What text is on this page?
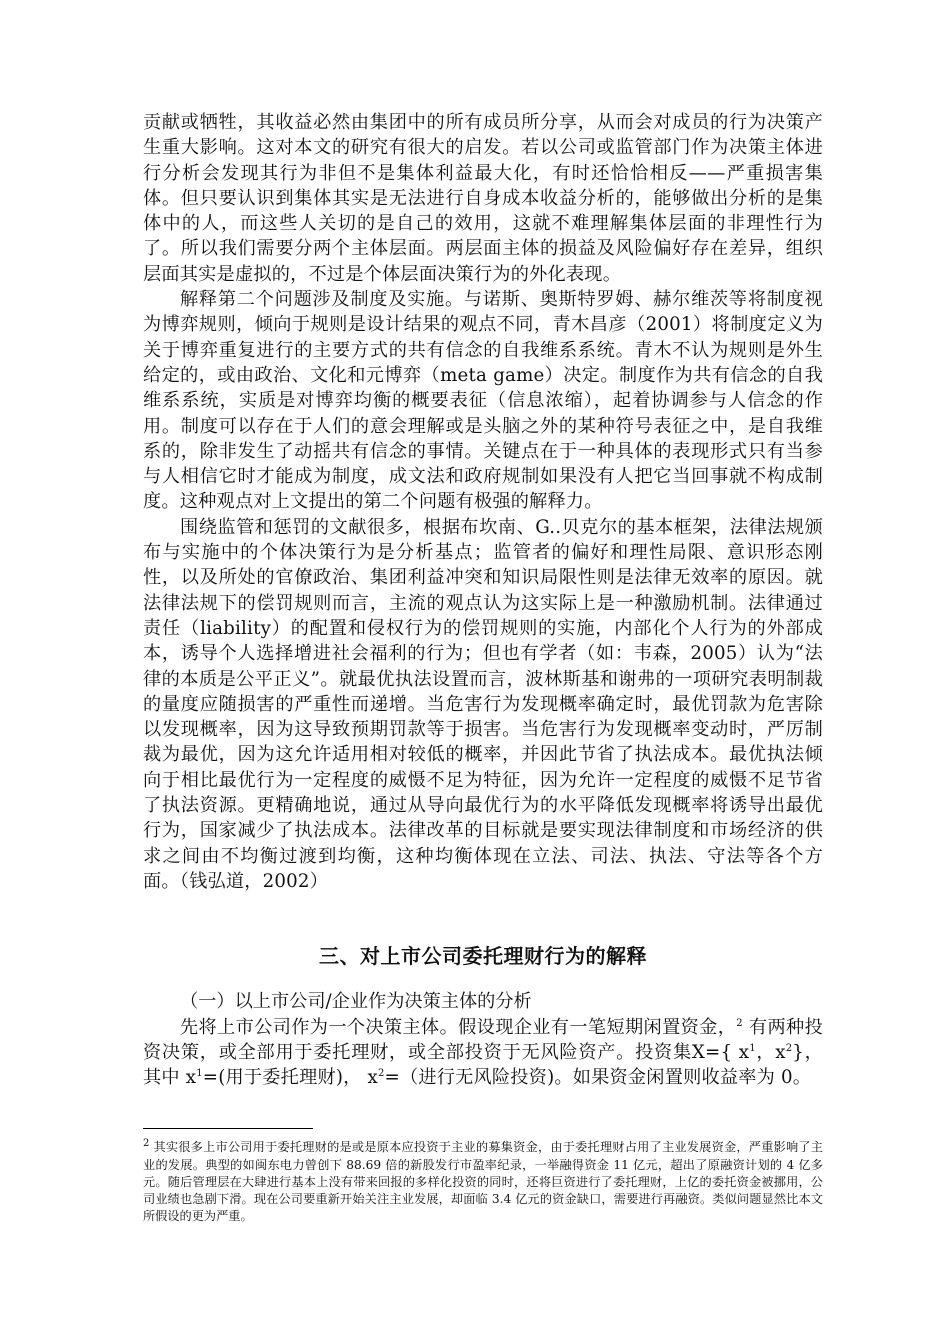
贡献或牺牲，其收益必然由集团中的所有成员所分享，从而会对成员的行为决策产生重大影响。这对本文的研究有很大的启发。若以公司或监管部门作为决策主体进行分析会发现其行为非但不是集体利益最大化，有时还恰恰相反——严重损害集体。但只要认识到集体其实是无法进行自身成本收益分析的，能够做出分析的是集体中的人，而这些人关切的是自己的效用，这就不难理解集体层面的非理性行为了。所以我们需要分两个主体层面。两层面主体的损益及风险偏好存在差异，组织层面其实是虚拟的，不过是个体层面决策行为的外化表现。

解释第二个问题涉及制度及实施。与诺斯、奥斯特罗姆、赫尔维茨等将制度视为博弈规则，倾向于规则是设计结果的观点不同，青木昌彦（2001）将制度定义为关于博弈重复进行的主要方式的共有信念的自我维系系统。青木不认为规则是外生给定的，或由政治、文化和元博弈（meta game）决定。制度作为共有信念的自我维系系统，实质是对博弈均衡的概要表征（信息浓缩），起着协调参与人信念的作用。制度可以存在于人们的意会理解或是头脑之外的某种符号表征之中，是自我维系的，除非发生了动摇共有信念的事情。关键点在于一种具体的表现形式只有当参与人相信它时才能成为制度，成文法和政府规制如果没有人把它当回事就不构成制度。这种观点对上文提出的第二个问题有极强的解释力。

围绕监管和惩罚的文献很多，根据布坎南、G..贝克尔的基本框架，法律法规颁布与实施中的个体决策行为是分析基点；监管者的偏好和理性局限、意识形态刚性，以及所处的官僚政治、集团利益冲突和知识局限性则是法律无效率的原因。就法律法规下的偿罚规则而言，主流的观点认为这实际上是一种激励机制。法律通过责任（liability）的配置和侵权行为的偿罚规则的实施，内部化个人行为的外部成本，诱导个人选择增进社会福利的行为；但也有学者（如：韦森，2005）认为“法律的本质是公平正义”。就最优执法设置而言，波林斯基和谢弗的一项研究表明制裁的量度应随损害的严重性而递增。当危害行为发现概率确定时，最优罚款为危害除以发现概率，因为这导致预期罚款等于损害。当危害行为发现概率变动时，严厉制裁为最优，因为这允许适用相对较低的概率，并因此节省了执法成本。最优执法倾向于相比最优行为一定程度的威慑不足为特征，因为允许一定程度的威慑不足节省了执法资源。更精确地说，通过从导向最优行为的水平降低发现概率将诱导出最优行为，国家减少了执法成本。法律改革的目标就是要实现法律制度和市场经济的供求之间由不均衡过渡到均衡，这种均衡体现在立法、司法、执法、守法等各个方面。（钱弘道，2002）

三、对上市公司委托理财行为的解释

（一）以上市公司/企业作为决策主体的分析

先将上市公司作为一个决策主体。假设现企业有一笔短期闲置资金，$^2$ 有两种投资决策，或全部用于委托理财，或全部投资于无风险资产。投资集X={ $x^1$，$x^2$}，其中 $x^1=$(用于委托理财)， $x^2=$（进行无风险投资)。如果资金闲置则收益率为 0。

$^2$ 其实很多上市公司用于委托理财的是或是原本应投资于主业的募集资金，由于委托理财占用了主业发展资金，严重影响了主业的发展。典型的如闽东电力曾创下 88.69 倍的新股发行市盈率纪录，一举融得资金 11 亿元，超出了原融资计划的 4 亿多元。随后管理层在大肆进行基本上没有带来回报的多样化投资的同时，还将巨资进行了委托理财，上亿的委托资金被挪用，公司业绩也急剧下滑。现在公司要重新开始关注主业发展，却面临 3.4 亿元的资金缺口，需要进行再融资。类似问题显然比本文所假设的更为严重。
